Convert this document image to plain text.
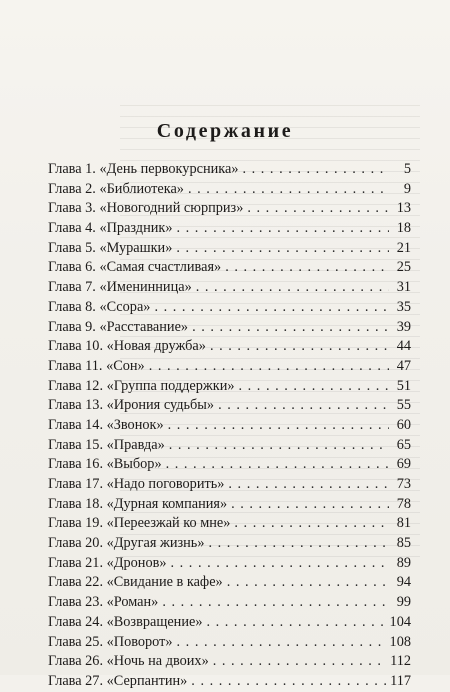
Содержание
Глава 1. «День первокурсника» . . .	5
Глава 2. «Библиотека» . . .	9
Глава 3. «Новогодний сюрприз» . . .	13
Глава 4. «Праздник» . . .	18
Глава 5. «Мурашки» . . .	21
Глава 6. «Самая счастливая» . . .	25
Глава 7. «Именинница» . . .	31
Глава 8. «Ссора» . . .	35
Глава 9. «Расставание» . . .	39
Глава 10. «Новая дружба» . . .	44
Глава 11. «Сон» . . .	47
Глава 12. «Группа поддержки» . . .	51
Глава 13. «Ирония судьбы» . . .	55
Глава 14. «Звонок» . . .	60
Глава 15. «Правда» . . .	65
Глава 16. «Выбор» . . .	69
Глава 17. «Надо поговорить» . . .	73
Глава 18. «Дурная компания» . . .	78
Глава 19. «Переезжай ко мне» . . .	81
Глава 20. «Другая жизнь» . . .	85
Глава 21. «Дронов» . . .	89
Глава 22. «Свидание в кафе» . . .	94
Глава 23. «Роман» . . .	99
Глава 24. «Возвращение» . . .	104
Глава 25. «Поворот» . . .	108
Глава 26. «Ночь на двоих» . . .	112
Глава 27. «Серпантин» . . .	117
